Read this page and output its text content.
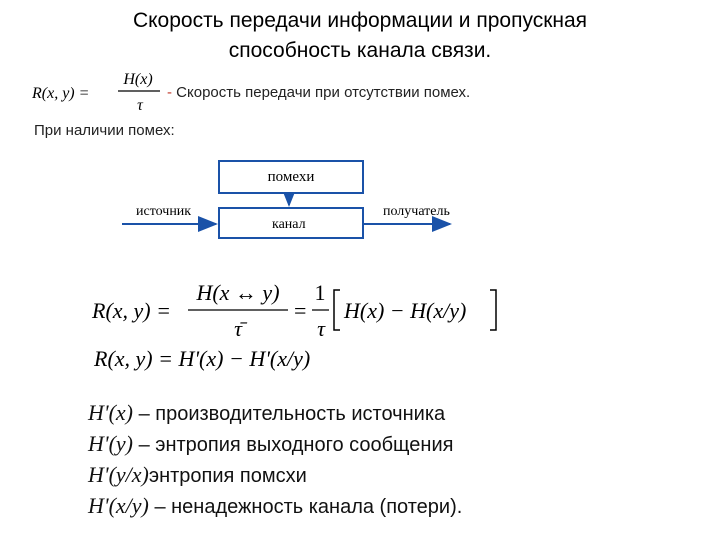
Скорость передачи информации и пропускная
способность канала связи.
R(x, y) =
H(x)
τ
- Скорость передачи при отсутствии помех.
При наличии помех:
помехи
канал
источник	получатель
R(x, y) =
H(x ↔ y)
τ̄
=
1
τ
H(x) − H(x/y)
R(x, y) = H'(x) − H'(x/y)
H'(x) – производительность источника
H'(y) – энтропия выходного сообщения
H'(y/x)энтропия помсхи
H'(x/y) – ненадежность канала (потери).
